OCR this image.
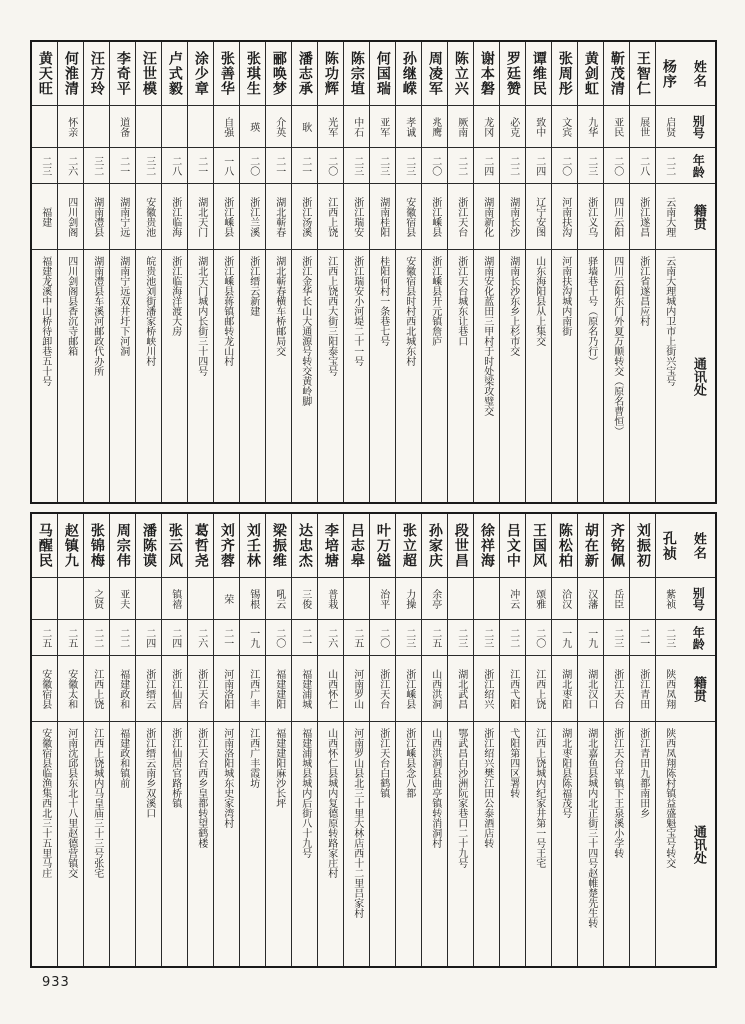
姓名
别号
年龄
籍贯
通讯处
杨序
启贤
二二
云南大理
云南大理城内卫市上街兴宝号
王智仁
展世
二八
浙江遂昌
浙江省遂昌应村
靳茂清
亚民
二〇
四川云阳
四川云阳东门外夏万顺转交（原名曹恒）
黄剑虹
九华
二三
浙江义乌
驿墙巷十号（原名乃行）
张周彤
文宾
二〇
河南扶沟
河南扶沟城内南街
谭维民
致中
二四
辽宁安图
山东海阳县从上集交
罗廷赞
必克
二二
湖南长沙
湖南长沙东乡上杉市交
谢本磐
龙冈
二四
湖南新化
湖南安化蓝田三甲村于时处梁攻璧交
陈立兴
厥南
二二
浙江天台
浙江天台城东让巷口
周凌军
兆鹰
二〇
浙江嵊县
浙江嵊县开元镇詹庐
孙继嵘
孝诚
二三
安徽宿县
安徽宿县时村西北城东村
何国瑞
亚军
二三
湖南桂阳
桂阳何村一条巷七号
陈宗埴
中石
二三
浙江瑞安
浙江瑞安小河堤二十一号
陈功辉
光军
二〇
江西上饶
江西上饶西大街三阳泰宝号
潘志承
耿
二一
浙江汤溪
浙江金华长山大通源号转交黄岭脚
郦唤梦
介英
二一
湖北蕲春
湖北蕲春横车桥邮局交
张琪生
瑛
二〇
浙江兰溪
浙江缙云新建
张善华
自强
一八
浙江嵊县
浙江嵊县蒋镇邮转龙山村
涂少章
二一
湖北天门
湖北天门城内长街三十四号
卢式毅
二八
浙江临海
浙江临海洋渡大房
汪世模
三二
安徽贵池
皖贵池刘街潘家桥峡川村
李奇平
道备
二一
湖南宁远
湖南宁远双井圩下河洞
汪方玲
三二
湖南澧县
湖南澧县车溪河邮政代办所
何淮清
怀亲
二六
四川剑阁
四川剑阁县香沉寺邮箱
黄天旺
二三
福建
福建龙溪中山桥待卸巷五十号
姓名
别号
年龄
籍贯
通讯处
孔祯
紫祯
二三
陕西凤翔
陕西凤翔陈村镇益盛魁宝号转交
刘振初
二一
浙江青田
浙江青田九都南田乡
齐铭佩
岳臣
二三
浙江天台
浙江天台平镇下王泉溪小学转
胡在新
汉藩
一九
湖北汉口
湖北嘉鱼县城内北正街三十四号赵帷楚先生转
陈松柏
洽汉
一九
湖北枣阳
湖北枣阳县陈福茂号
王国风
颂雅
二〇
江西上饶
江西上饶城内纪家井第一号王宅
吕文中
冲云
二二
江西弋阳
弋阳第四区署转
徐祥海
二三
浙江绍兴
浙江绍兴樊江田公泰酒店转
段世昌
二三
湖北武昌
鄂武昌白沙洲阮家巷口二十九号
孙家庆
余亭
二五
山西洪洞
山西洪洞县曲亭镇转消洞村
张立超
力操
二三
浙江嵊县
浙江嵊县念八都
叶万镒
治平
二〇
浙江天台
浙江天台白鹤镇
吕志皋
二五
河南罗山
河南罗山县北三十里大林店西十二里吕家村
李培塘
普栽
二六
山西怀仁
山西怀仁县城内复德原转路家庄村
达忠杰
三俊
二一
福建浦城
福建浦城县城内后街八十九号
梁振维
吼云
二〇
福建建阳
福建建阳麻沙长坪
刘壬林
锡根
一九
江西广丰
江西广丰霞坊
刘齐蓉
荣
二一
河南洛阳
河南洛阳城东史家湾村
葛哲尧
二六
浙江天台
浙江天台西乡皇都转望鹤楼
张云风
镇禧
二四
浙江仙居
浙江仙居官路桥镇
潘陈谟
二四
浙江缙云
浙江缙云南乡双溪口
周宗伟
亚夫
二二
福建政和
福建政和镇前
张锦梅
之贤
二二
江西上饶
江西上饶城内马皇庙三十三号张宅
赵镇九
二五
安徽太和
河南沈邱县东北十八里赵德营镇交
马醒民
二五
安徽宿县
安徽宿县临渔集西北三十五里马庄
933
